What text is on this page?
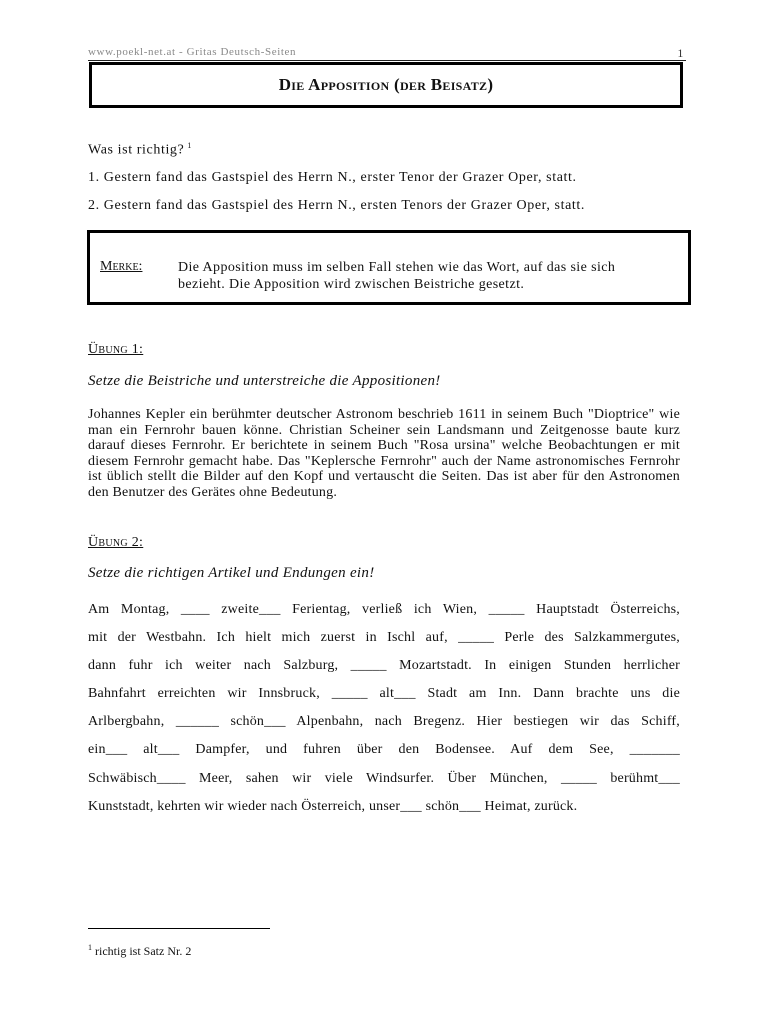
www.poekl-net.at - Gritas Deutsch-Seiten	1
Die Apposition (der Beisatz)
Was ist richtig? $^1$
1. Gestern fand das Gastspiel des Herrn N., erster Tenor der Grazer Oper, statt.
2. Gestern fand das Gastspiel des Herrn N., ersten Tenors der Grazer Oper, statt.
Merke:	Die Apposition muss im selben Fall stehen wie das Wort, auf das sie sich bezieht. Die Apposition wird zwischen Beistriche gesetzt.
Übung 1:
Setze die Beistriche und unterstreiche die Appositionen!
Johannes Kepler ein berühmter deutscher Astronom beschrieb 1611 in seinem Buch "Dioptrice" wie man ein Fernrohr bauen könne. Christian Scheiner sein Landsmann und Zeitgenosse baute kurz darauf dieses Fernrohr. Er berichtete in seinem Buch "Rosa ursina" welche Beobachtungen er mit diesem Fernrohr gemacht habe. Das "Keplersche Fernrohr" auch der Name astronomisches Fernrohr ist üblich stellt die Bilder auf den Kopf und vertauscht die Seiten. Das ist aber für den Astronomen den Benutzer des Gerätes ohne Bedeutung.
Übung 2:
Setze die richtigen Artikel und Endungen ein!
Am Montag, ____ zweite___ Ferientag, verließ ich Wien, _____ Hauptstadt Österreichs,
mit der Westbahn. Ich hielt mich zuerst in Ischl auf, _____ Perle des Salzkammergutes,
dann fuhr ich weiter nach Salzburg, _____ Mozartstadt. In einigen Stunden herrlicher
Bahnfahrt erreichten wir Innsbruck, _____ alt___ Stadt am Inn. Dann brachte uns die
Arlbergbahn, ______ schön___ Alpenbahn, nach Bregenz. Hier bestiegen wir das Schiff,
ein___ alt___ Dampfer, und fuhren über den Bodensee. Auf dem See, _______
Schwäbisch____ Meer, sahen wir viele Windsurfer. Über München, _____ berühmt___
Kunststadt, kehrten wir wieder nach Österreich, unser___ schön___ Heimat, zurück.
$^1$ richtig ist Satz Nr. 2
